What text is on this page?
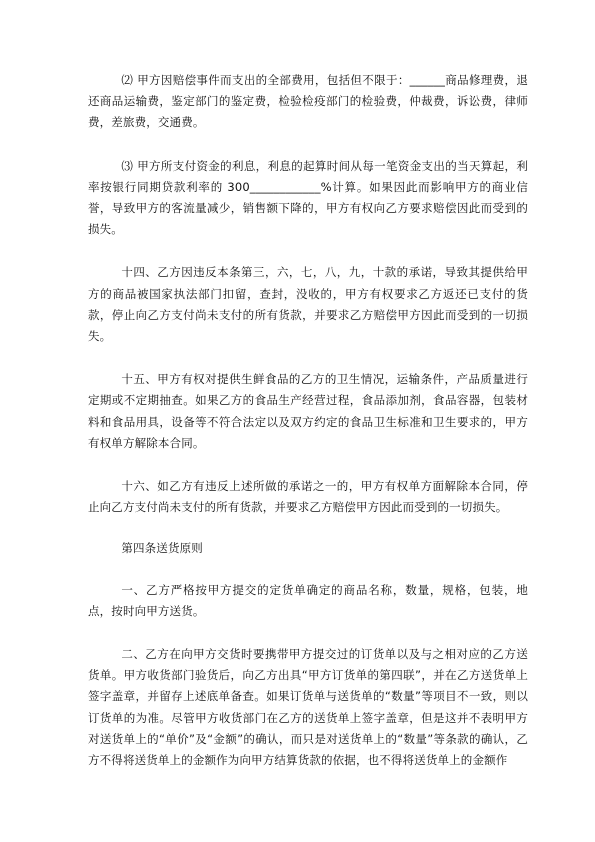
⑵ 甲方因赔偿事件而支出的全部费用，包括但不限于：______商品修理费，退还商品运输费，鉴定部门的鉴定费，检验检疫部门的检验费，仲裁费，诉讼费，律师费，差旅费，交通费。

⑶ 甲方所支付资金的利息，利息的起算时间从每一笔资金支出的当天算起，利率按银行同期贷款利率的 300____________%计算。如果因此而影响甲方的商业信誉，导致甲方的客流量减少，销售额下降的，甲方有权向乙方要求赔偿因此而受到的损失。

十四、乙方因违反本条第三，六，七，八，九，十款的承诺，导致其提供给甲方的商品被国家执法部门扣留，查封，没收的，甲方有权要求乙方返还已支付的货款，停止向乙方支付尚未支付的所有货款，并要求乙方赔偿甲方因此而受到的一切损失。

十五、甲方有权对提供生鲜食品的乙方的卫生情况，运输条件，产品质量进行定期或不定期抽查。如果乙方的食品生产经营过程，食品添加剂，食品容器，包装材料和食品用具，设备等不符合法定以及双方约定的食品卫生标准和卫生要求的，甲方有权单方解除本合同。

十六、如乙方有违反上述所做的承诺之一的，甲方有权单方面解除本合同，停止向乙方支付尚未支付的所有货款，并要求乙方赔偿甲方因此而受到的一切损失。

第四条送货原则

一、乙方严格按甲方提交的定货单确定的商品名称，数量，规格，包装，地点，按时向甲方送货。

二、乙方在向甲方交货时要携带甲方提交过的订货单以及与之相对应的乙方送货单。甲方收货部门验货后，向乙方出具“甲方订货单的第四联”，并在乙方送货单上签字盖章，并留存上述底单备查。如果订货单与送货单的“数量”等项目不一致，则以订货单的为准。尽管甲方收货部门在乙方的送货单上签字盖章，但是这并不表明甲方对送货单上的“单价”及“金额”的确认，而只是对送货单上的“数量”等条款的确认，乙方不得将送货单上的金额作为向甲方结算货款的依据，也不得将送货单上的金额作
